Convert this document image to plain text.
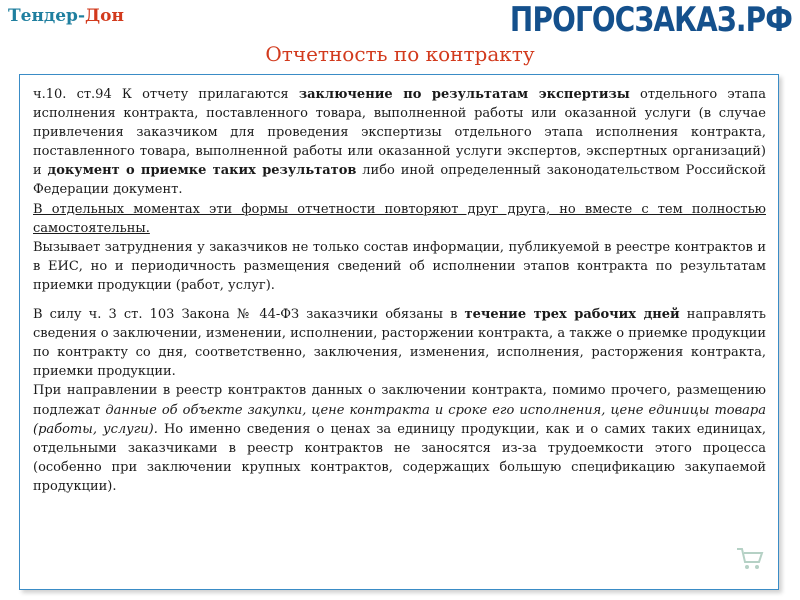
Тендер-Дон	ПРОГОСЗАКАЗ.РФ
Отчетность по контракту

ч.10. ст.94 К отчету прилагаются заключение по результатам экспертизы отдельного этапа исполнения контракта, поставленного товара, выполненной работы или оказанной услуги (в случае привлечения заказчиком для проведения экспертизы отдельного этапа исполнения контракта, поставленного товара, выполненной работы или оказанной услуги экспертов, экспертных организаций) и документ о приемке таких результатов либо иной определенный законодательством Российской Федерации документ.

В отдельных моментах эти формы отчетности повторяют друг друга, но вместе с тем полностью самостоятельны.

Вызывает затруднения у заказчиков не только состав информации, публикуемой в реестре контрактов и в ЕИС, но и периодичность размещения сведений об исполнении этапов контракта по результатам приемки продукции (работ, услуг).

В силу ч. 3 ст. 103 Закона № 44-ФЗ заказчики обязаны в течение трех рабочих дней направлять сведения о заключении, изменении, исполнении, расторжении контракта, а также о приемке продукции по контракту со дня, соответственно, заключения, изменения, исполнения, расторжения контракта, приемки продукции.

При направлении в реестр контрактов данных о заключении контракта, помимо прочего, размещению подлежат данные об объекте закупки, цене контракта и сроке его исполнения, цене единицы товара (работы, услуги). Но именно сведения о ценах за единицу продукции, как и о самих таких единицах, отдельными заказчиками в реестр контрактов не заносятся из-за трудоемкости этого процесса (особенно при заключении крупных контрактов, содержащих большую спецификацию закупаемой продукции).
